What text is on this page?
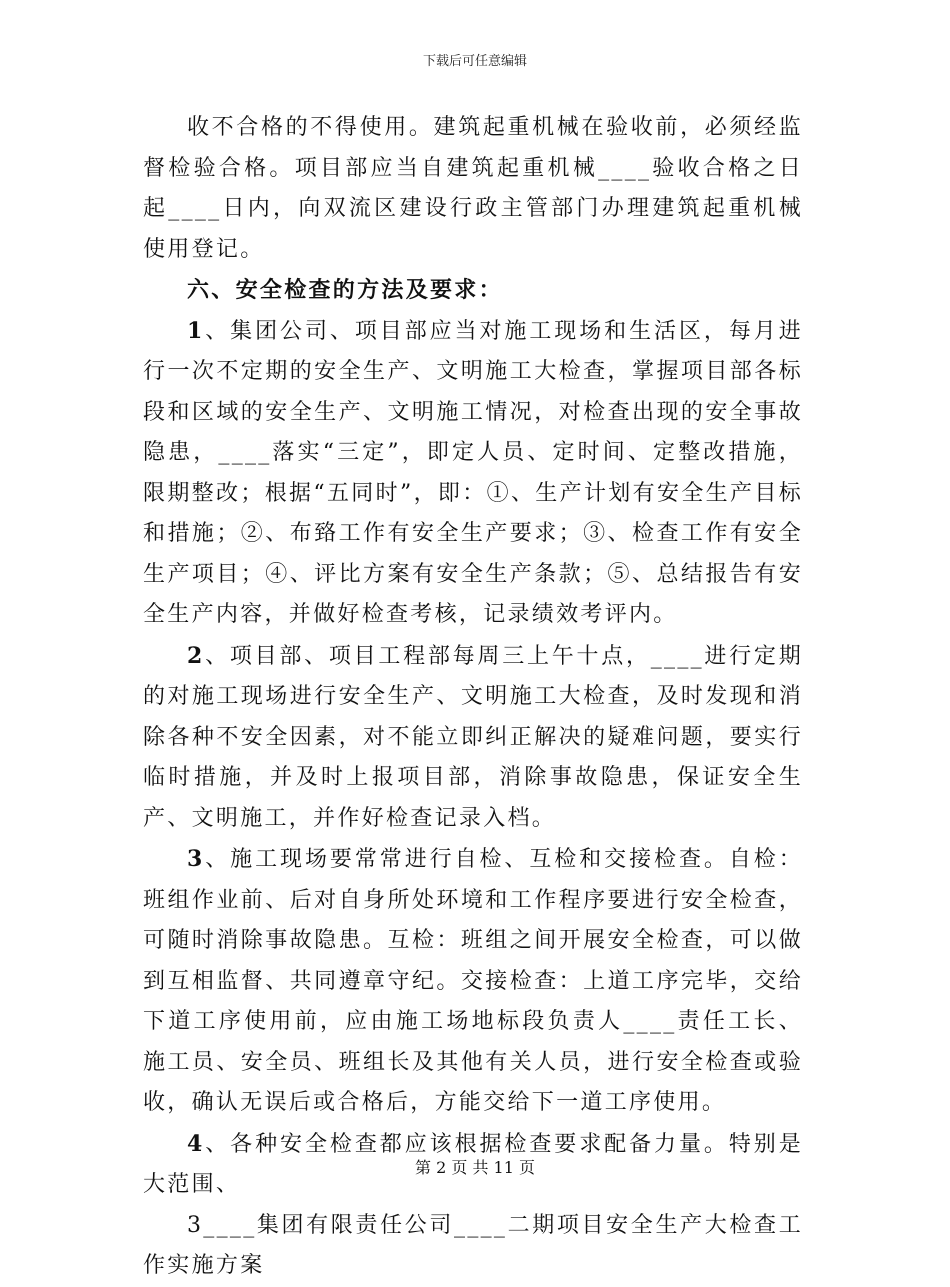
下载后可任意编辑

收不合格的不得使用。建筑起重机械在验收前，必须经监督检验合格。项目部应当自建筑起重机械____验收合格之日起____日内，向双流区建设行政主管部门办理建筑起重机械使用登记。

六、安全检查的方法及要求：

1、集团公司、项目部应当对施工现场和生活区，每月进行一次不定期的安全生产、文明施工大检查，掌握项目部各标段和区域的安全生产、文明施工情况，对检查出现的安全事故隐患，____落实“三定”，即定人员、定时间、定整改措施，限期整改；根据“五同时”，即：①、生产计划有安全生产目标和措施；②、布臵工作有安全生产要求；③、检查工作有安全生产项目；④、评比方案有安全生产条款；⑤、总结报告有安全生产内容，并做好检查考核，记录绩效考评内。

2、项目部、项目工程部每周三上午十点，____进行定期的对施工现场进行安全生产、文明施工大检查，及时发现和消除各种不安全因素，对不能立即纠正解决的疑难问题，要实行临时措施，并及时上报项目部，消除事故隐患，保证安全生产、文明施工，并作好检查记录入档。

3、施工现场要常常进行自检、互检和交接检查。自检：班组作业前、后对自身所处环境和工作程序要进行安全检查，可随时消除事故隐患。互检：班组之间开展安全检查，可以做到互相监督、共同遵章守纪。交接检查：上道工序完毕，交给下道工序使用前，应由施工场地标段负责人____责任工长、施工员、安全员、班组长及其他有关人员，进行安全检查或验收，确认无误后或合格后，方能交给下一道工序使用。

4、各种安全检查都应该根据检查要求配备力量。特别是大范围、

3____集团有限责任公司____二期项目安全生产大检查工作实施方案

第 2 页 共 11 页
